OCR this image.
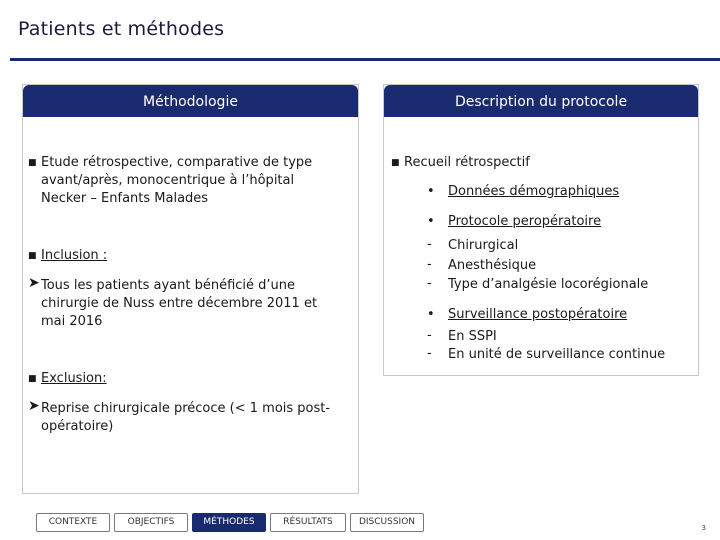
Patients et méthodes
Méthodologie
■ Etude rétrospective, comparative de type
avant/après, monocentrique à l’hôpital
Necker – Enfants Malades
■ Inclusion :
➤ Tous les patients ayant bénéficié d’une
chirurgie de Nuss entre décembre 2011 et
mai 2016
■ Exclusion:
➤ Reprise chirurgicale précoce (< 1 mois post-
opératoire)
Description du protocole
■ Recueil rétrospectif
• Données démographiques
• Protocole peropératoire
- Chirurgical
- Anesthésique
- Type d’analgésie locorégionale
• Surveillance postopératoire
- En SSPI
- En unité de surveillance continue
CONTEXTE	OBJECTIFS	MÉTHODES	RÉSULTATS	DISCUSSION
3
